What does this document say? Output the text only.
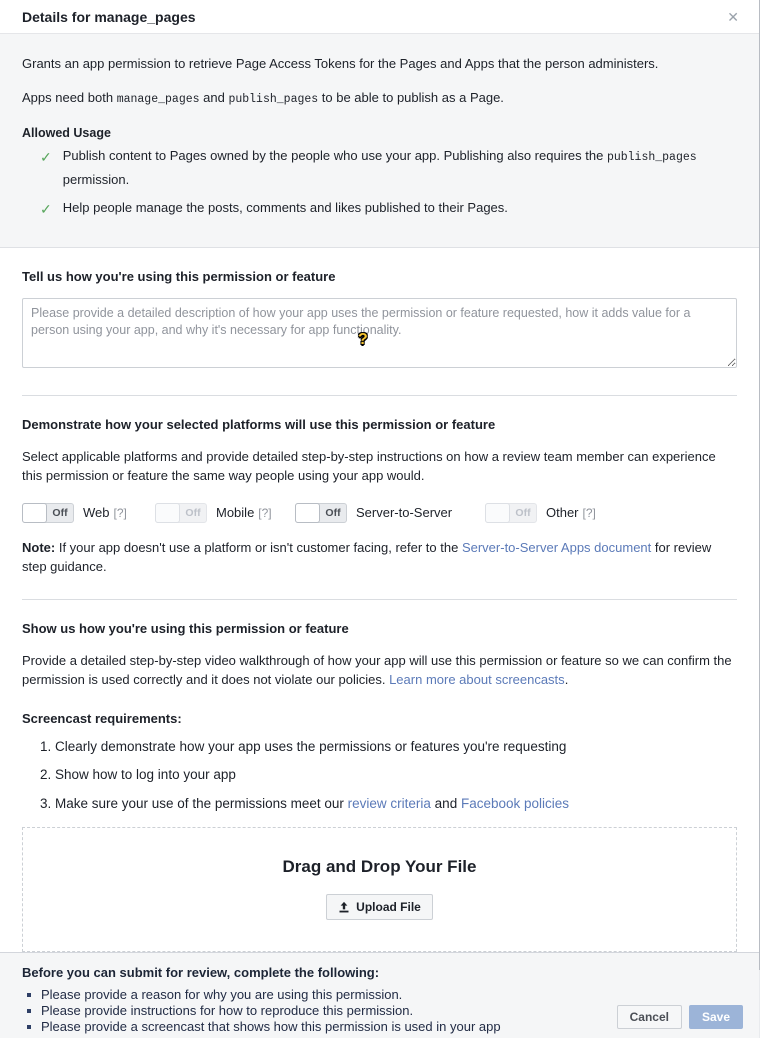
Details for manage_pages	✕

Grants an app permission to retrieve Page Access Tokens for the Pages and Apps that the person administers.

Apps need both manage_pages and publish_pages to be able to publish as a Page.

Allowed Usage
✓ Publish content to Pages owned by the people who use your app. Publishing also requires the publish_pages permission.
✓ Help people manage the posts, comments and likes published to their Pages.
Tell us how you're using this permission or feature
Please provide a detailed description of how your app uses the permission or feature requested, how it adds value for a person using your app, and why it's necessary for app functionality.
?
Demonstrate how your selected platforms will use this permission or feature

Select applicable platforms and provide detailed step-by-step instructions on how a review team member can experience this permission or feature the same way people using your app would.

Off	Web [?]	Off	Mobile [?]	Off	Server-to-Server	Off	Other [?]

Note: If your app doesn't use a platform or isn't customer facing, refer to the Server-to-Server Apps document for review step guidance.

Show us how you're using this permission or feature

Provide a detailed step-by-step video walkthrough of how your app will use this permission or feature so we can confirm the permission is used correctly and it does not violate our policies. Learn more about screencasts.

Screencast requirements:
1. Clearly demonstrate how your app uses the permissions or features you're requesting
2. Show how to log into your app
3. Make sure your use of the permissions meet our review criteria and Facebook policies
Drag and Drop Your File
Upload File
Before you can submit for review, complete the following:
Please provide a reason for why you are using this permission.
Please provide instructions for how to reproduce this permission.
Please provide a screencast that shows how this permission is used in your app
Cancel	Save
